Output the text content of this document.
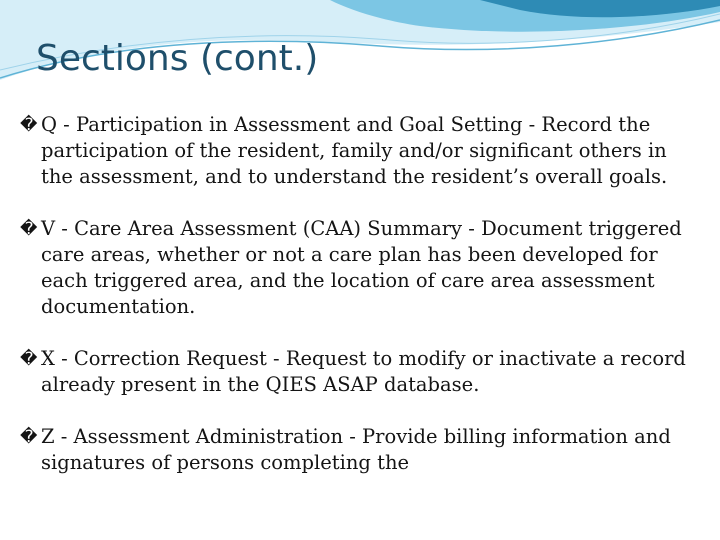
Sections (cont.)
� Q - Participation in Assessment and Goal Setting - Record the participation of the resident, family and/or significant others in the assessment, and to understand the resident’s overall goals.
� V - Care Area Assessment (CAA) Summary - Document triggered care areas, whether or not a care plan has been developed for each triggered area, and the location of care area assessment documentation.
� X - Correction Request - Request to modify or inactivate a record already present in the QIES ASAP database.
� Z - Assessment Administration - Provide billing information and signatures of persons completing the
